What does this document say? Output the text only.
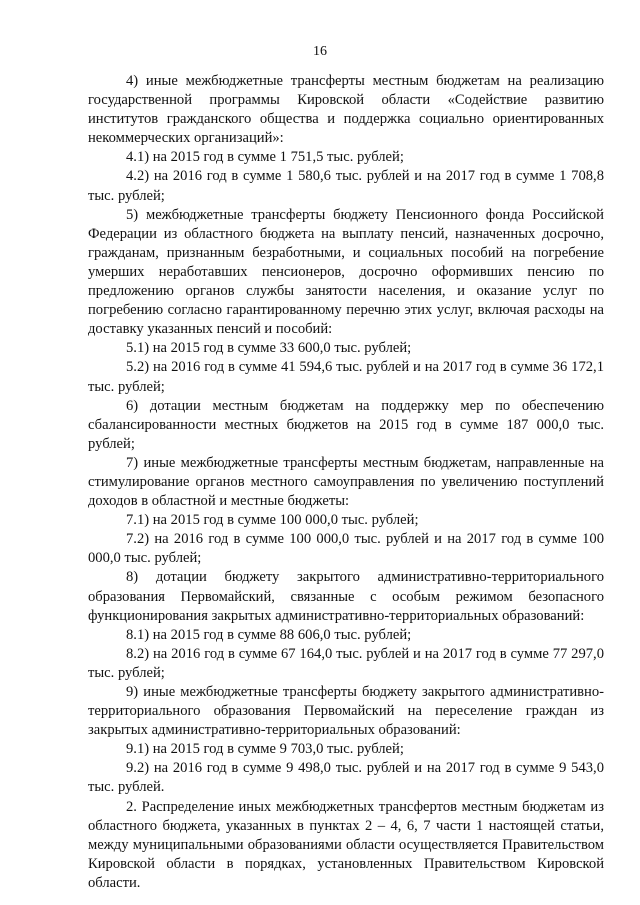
16

4) иные межбюджетные трансферты местным бюджетам на реализацию государственной программы Кировской области «Содействие развитию институтов гражданского общества и поддержка социально ориентированных некоммерческих организаций»:

4.1) на 2015 год в сумме 1 751,5 тыс. рублей;

4.2) на 2016 год в сумме 1 580,6 тыс. рублей и на 2017 год в сумме 1 708,8 тыс. рублей;

5) межбюджетные трансферты бюджету Пенсионного фонда Российской Федерации из областного бюджета на выплату пенсий, назначенных досрочно, гражданам, признанным безработными, и социальных пособий на погребение умерших неработавших пенсионеров, досрочно оформивших пенсию по предложению органов службы занятости населения, и оказание услуг по погребению согласно гарантированному перечню этих услуг, включая расходы на доставку указанных пенсий и пособий:

5.1) на 2015 год в сумме 33 600,0 тыс. рублей;

5.2) на 2016 год в сумме 41 594,6 тыс. рублей и на 2017 год в сумме 36 172,1 тыс. рублей;

6) дотации местным бюджетам на поддержку мер по обеспечению сбалансированности местных бюджетов на 2015 год в сумме 187 000,0 тыс. рублей;

7) иные межбюджетные трансферты местным бюджетам, направленные на стимулирование органов местного самоуправления по увеличению поступлений доходов в областной и местные бюджеты:

7.1) на 2015 год в сумме 100 000,0 тыс. рублей;

7.2) на 2016 год в сумме 100 000,0 тыс. рублей и на 2017 год в сумме 100 000,0 тыс. рублей;

8) дотации бюджету закрытого административно-территориального образования Первомайский, связанные с особым режимом безопасного функционирования закрытых административно-территориальных образований:

8.1) на 2015 год в сумме 88 606,0 тыс. рублей;

8.2) на 2016 год в сумме 67 164,0 тыс. рублей и на 2017 год в сумме 77 297,0 тыс. рублей;

9) иные межбюджетные трансферты бюджету закрытого административно-территориального образования Первомайский на переселение граждан из закрытых административно-территориальных образований:

9.1) на 2015 год в сумме 9 703,0 тыс. рублей;

9.2) на 2016 год в сумме 9 498,0 тыс. рублей и на 2017 год в сумме 9 543,0 тыс. рублей.

2. Распределение иных межбюджетных трансфертов местным бюджетам из областного бюджета, указанных в пунктах 2 – 4, 6, 7 части 1 настоящей статьи, между муниципальными образованиями области осуществляется Правительством Кировской области в порядках, установленных Правительством Кировской области.
